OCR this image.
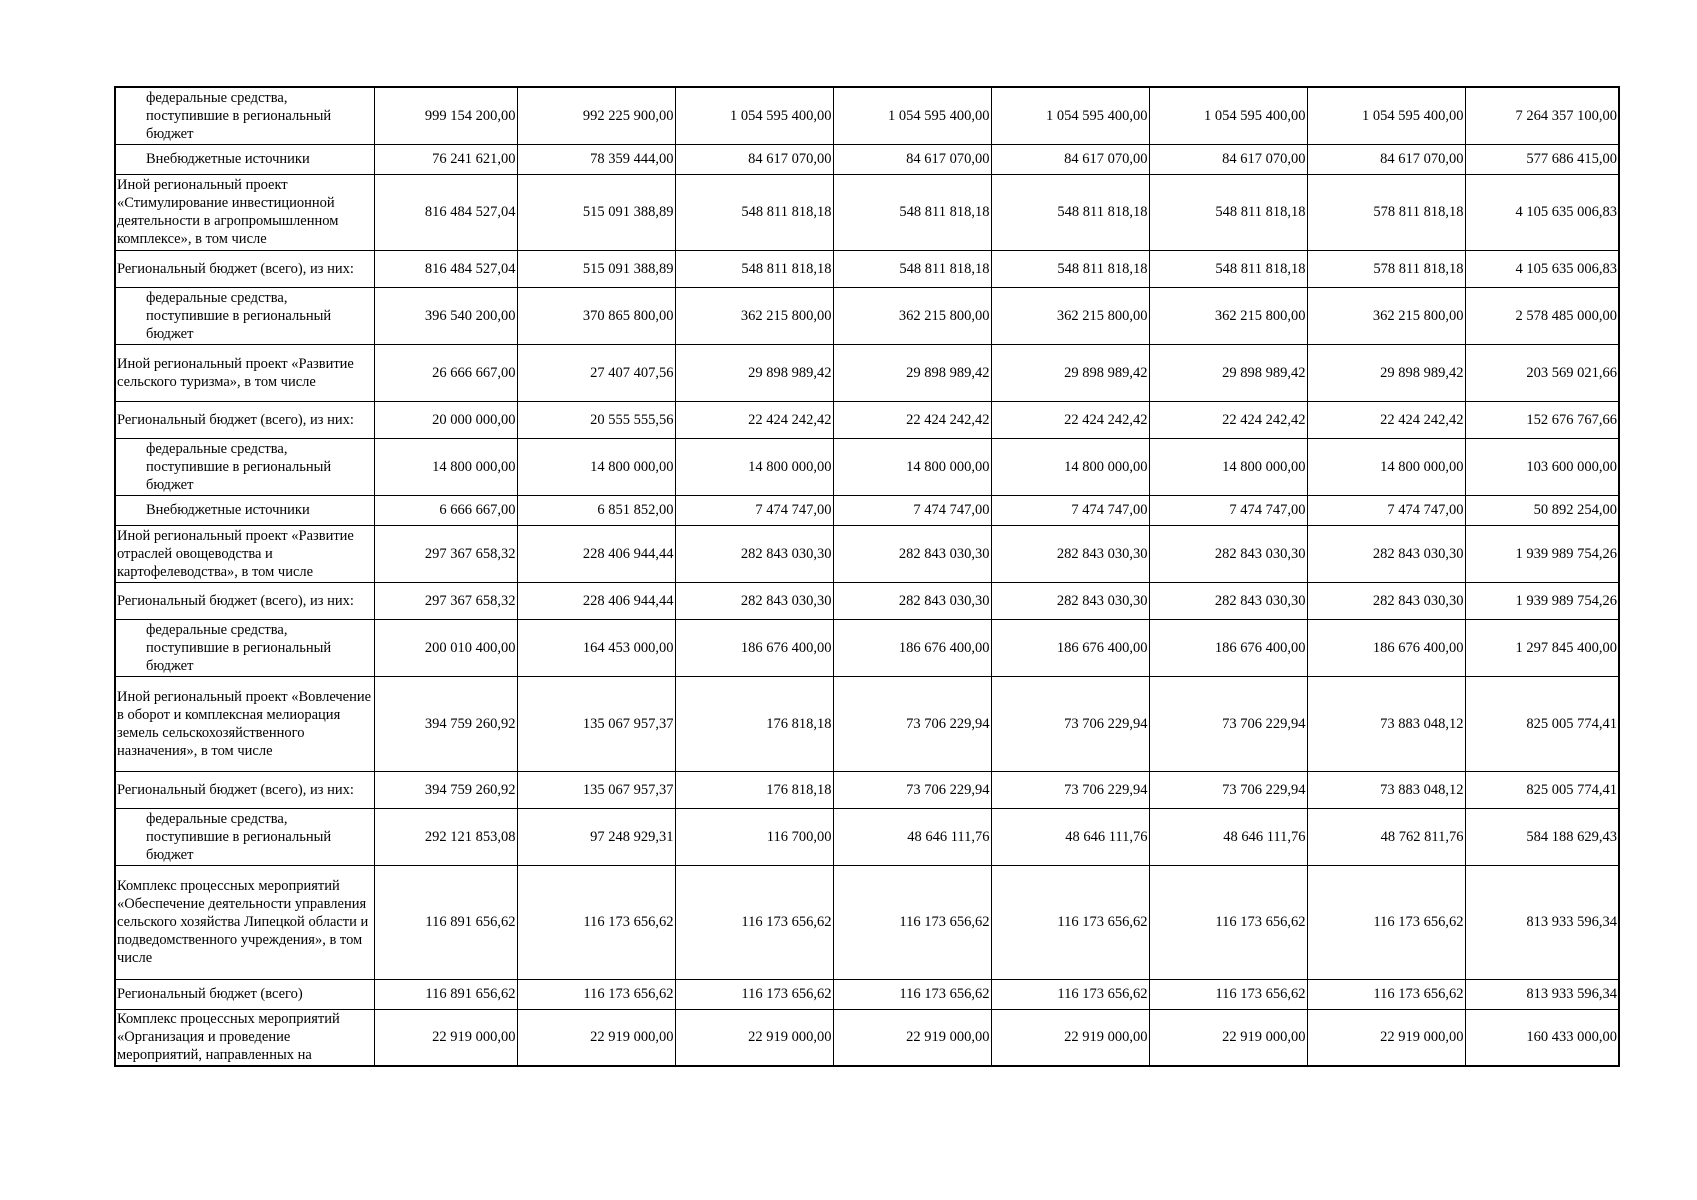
федеральные средства, поступившие в региональный бюджет	999 154 200,00	992 225 900,00	1 054 595 400,00	1 054 595 400,00	1 054 595 400,00	1 054 595 400,00	1 054 595 400,00	7 264 357 100,00
Внебюджетные источники	76 241 621,00	78 359 444,00	84 617 070,00	84 617 070,00	84 617 070,00	84 617 070,00	84 617 070,00	577 686 415,00
Иной региональный проект «Стимулирование инвестиционной деятельности в агропромышленном комплексе», в том числе	816 484 527,04	515 091 388,89	548 811 818,18	548 811 818,18	548 811 818,18	548 811 818,18	578 811 818,18	4 105 635 006,83
Региональный бюджет (всего), из них:	816 484 527,04	515 091 388,89	548 811 818,18	548 811 818,18	548 811 818,18	548 811 818,18	578 811 818,18	4 105 635 006,83
федеральные средства, поступившие в региональный бюджет	396 540 200,00	370 865 800,00	362 215 800,00	362 215 800,00	362 215 800,00	362 215 800,00	362 215 800,00	2 578 485 000,00
Иной региональный проект «Развитие сельского туризма», в том числе	26 666 667,00	27 407 407,56	29 898 989,42	29 898 989,42	29 898 989,42	29 898 989,42	29 898 989,42	203 569 021,66
Региональный бюджет (всего), из них:	20 000 000,00	20 555 555,56	22 424 242,42	22 424 242,42	22 424 242,42	22 424 242,42	22 424 242,42	152 676 767,66
федеральные средства, поступившие в региональный бюджет	14 800 000,00	14 800 000,00	14 800 000,00	14 800 000,00	14 800 000,00	14 800 000,00	14 800 000,00	103 600 000,00
Внебюджетные источники	6 666 667,00	6 851 852,00	7 474 747,00	7 474 747,00	7 474 747,00	7 474 747,00	7 474 747,00	50 892 254,00
Иной региональный проект «Развитие отраслей овощеводства и картофелеводства», в том числе	297 367 658,32	228 406 944,44	282 843 030,30	282 843 030,30	282 843 030,30	282 843 030,30	282 843 030,30	1 939 989 754,26
Региональный бюджет (всего), из них:	297 367 658,32	228 406 944,44	282 843 030,30	282 843 030,30	282 843 030,30	282 843 030,30	282 843 030,30	1 939 989 754,26
федеральные средства, поступившие в региональный бюджет	200 010 400,00	164 453 000,00	186 676 400,00	186 676 400,00	186 676 400,00	186 676 400,00	186 676 400,00	1 297 845 400,00
Иной региональный проект «Вовлечение в оборот и комплексная мелиорация земель сельскохозяйственного назначения», в том числе	394 759 260,92	135 067 957,37	176 818,18	73 706 229,94	73 706 229,94	73 706 229,94	73 883 048,12	825 005 774,41
Региональный бюджет (всего), из них:	394 759 260,92	135 067 957,37	176 818,18	73 706 229,94	73 706 229,94	73 706 229,94	73 883 048,12	825 005 774,41
федеральные средства, поступившие в региональный бюджет	292 121 853,08	97 248 929,31	116 700,00	48 646 111,76	48 646 111,76	48 646 111,76	48 762 811,76	584 188 629,43
Комплекс процессных мероприятий «Обеспечение деятельности управления сельского хозяйства Липецкой области и подведомственного учреждения», в том числе	116 891 656,62	116 173 656,62	116 173 656,62	116 173 656,62	116 173 656,62	116 173 656,62	116 173 656,62	813 933 596,34
Региональный бюджет (всего)	116 891 656,62	116 173 656,62	116 173 656,62	116 173 656,62	116 173 656,62	116 173 656,62	116 173 656,62	813 933 596,34
Комплекс процессных мероприятий «Организация и проведение мероприятий, направленных на	22 919 000,00	22 919 000,00	22 919 000,00	22 919 000,00	22 919 000,00	22 919 000,00	22 919 000,00	160 433 000,00
